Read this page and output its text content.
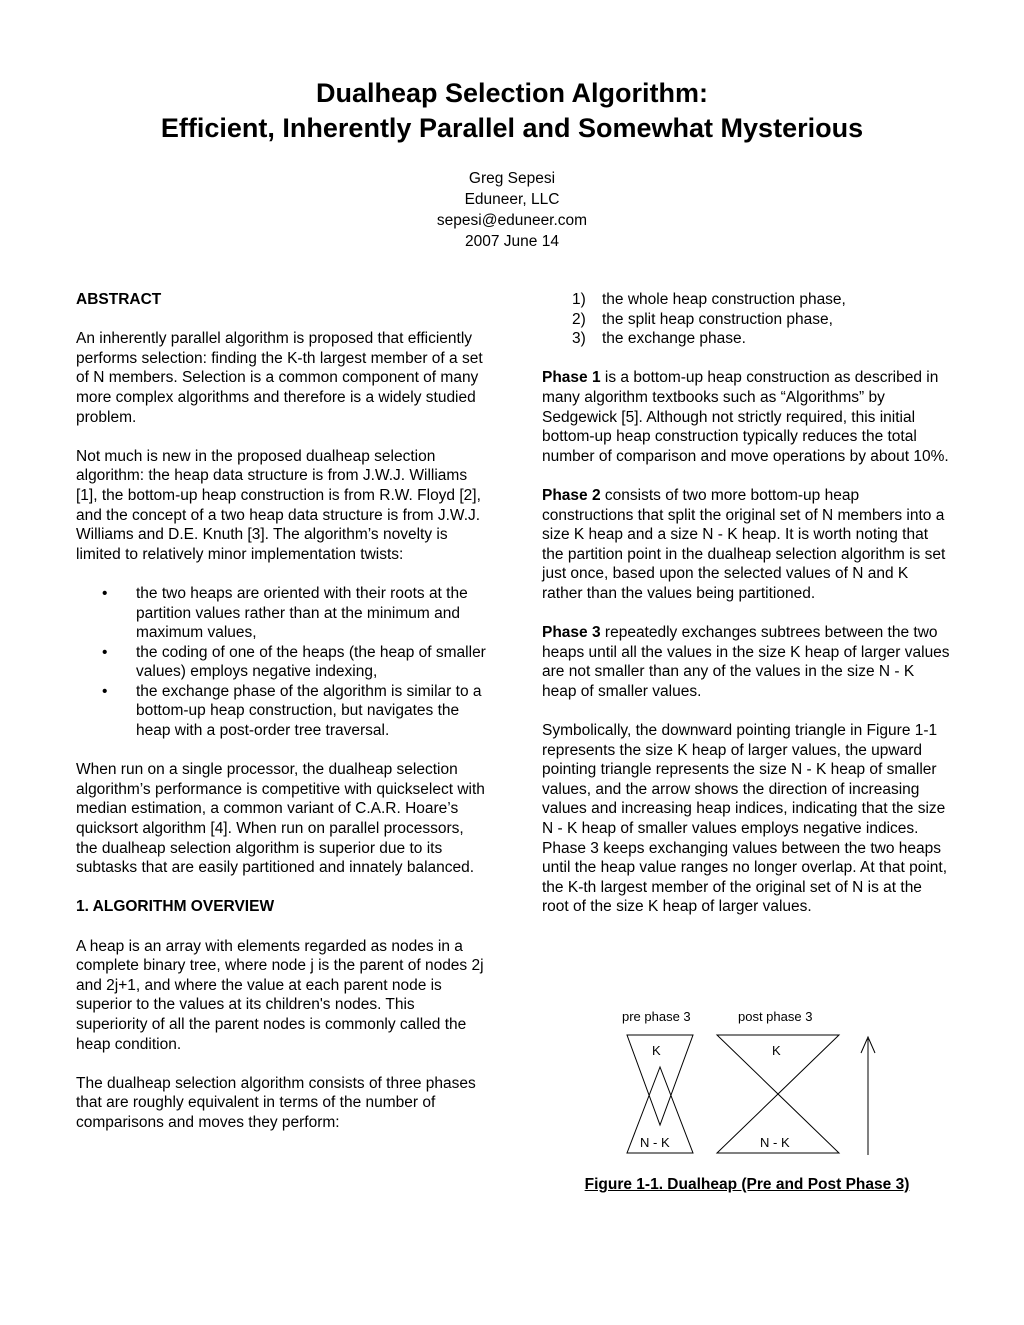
Dualheap Selection Algorithm:
Efficient, Inherently Parallel and Somewhat Mysterious
Greg Sepesi
Eduneer, LLC
sepesi@eduneer.com
2007 June 14
ABSTRACT

An inherently parallel algorithm is proposed that efficiently performs selection: finding the K-th largest member of a set of N members. Selection is a common component of many more complex algorithms and therefore is a widely studied problem.

Not much is new in the proposed dualheap selection algorithm: the heap data structure is from J.W.J. Williams [1], the bottom-up heap construction is from R.W. Floyd [2], and the concept of a two heap data structure is from J.W.J. Williams and D.E. Knuth [3]. The algorithm’s novelty is limited to relatively minor implementation twists:

• the two heaps are oriented with their roots at the partition values rather than at the minimum and maximum values,
• the coding of one of the heaps (the heap of smaller values) employs negative indexing,
• the exchange phase of the algorithm is similar to a bottom-up heap construction, but navigates the heap with a post-order tree traversal.

When run on a single processor, the dualheap selection algorithm’s performance is competitive with quickselect with median estimation, a common variant of C.A.R. Hoare’s quicksort algorithm [4]. When run on parallel processors, the dualheap selection algorithm is superior due to its subtasks that are easily partitioned and innately balanced.

1. ALGORITHM OVERVIEW

A heap is an array with elements regarded as nodes in a complete binary tree, where node j is the parent of nodes 2j and 2j+1, and where the value at each parent node is superior to the values at its children's nodes. This superiority of all the parent nodes is commonly called the heap condition.

The dualheap selection algorithm consists of three phases that are roughly equivalent in terms of the number of comparisons and moves they perform:

1) the whole heap construction phase,
2) the split heap construction phase,
3) the exchange phase.

Phase 1 is a bottom-up heap construction as described in many algorithm textbooks such as “Algorithms” by Sedgewick [5]. Although not strictly required, this initial bottom-up heap construction typically reduces the total number of comparison and move operations by about 10%.

Phase 2 consists of two more bottom-up heap constructions that split the original set of N members into a size K heap and a size N - K heap. It is worth noting that the partition point in the dualheap selection algorithm is set just once, based upon the selected values of N and K rather than the values being partitioned.

Phase 3 repeatedly exchanges subtrees between the two heaps until all the values in the size K heap of larger values are not smaller than any of the values in the size N - K heap of smaller values.

Symbolically, the downward pointing triangle in Figure 1-1 represents the size K heap of larger values, the upward pointing triangle represents the size N - K heap of smaller values, and the arrow shows the direction of increasing values and increasing heap indices, indicating that the size N - K heap of smaller values employs negative indices. Phase 3 keeps exchanging values between the two heaps until the heap value ranges no longer overlap. At that point, the K-th largest member of the original set of N is at the root of the size K heap of larger values.

pre phase 3	post phase 3
K	K
N - K	N - K
Figure 1-1. Dualheap (Pre and Post Phase 3)
